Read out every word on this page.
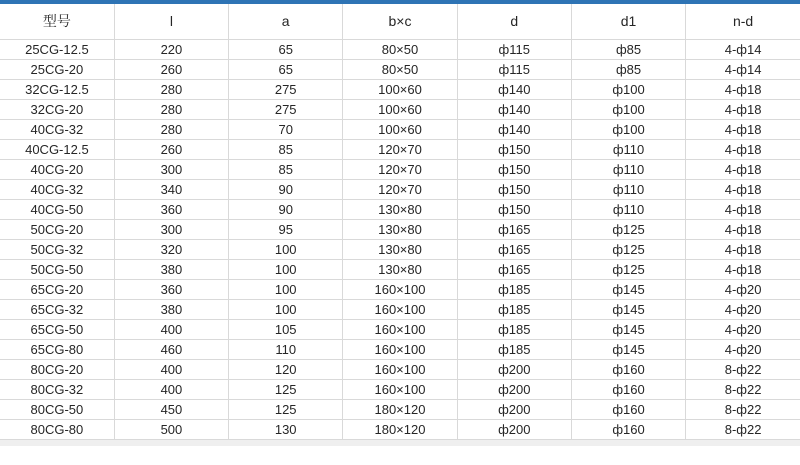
型号	l	a	b×c	d	d1	n-d
25CG-12.5	220	65	80×50	ф115	ф85	4-ф14
25CG-20	260	65	80×50	ф115	ф85	4-ф14
32CG-12.5	280	275	100×60	ф140	ф100	4-ф18
32CG-20	280	275	100×60	ф140	ф100	4-ф18
40CG-32	280	70	100×60	ф140	ф100	4-ф18
40CG-12.5	260	85	120×70	ф150	ф110	4-ф18
40CG-20	300	85	120×70	ф150	ф110	4-ф18
40CG-32	340	90	120×70	ф150	ф110	4-ф18
40CG-50	360	90	130×80	ф150	ф110	4-ф18
50CG-20	300	95	130×80	ф165	ф125	4-ф18
50CG-32	320	100	130×80	ф165	ф125	4-ф18
50CG-50	380	100	130×80	ф165	ф125	4-ф18
65CG-20	360	100	160×100	ф185	ф145	4-ф20
65CG-32	380	100	160×100	ф185	ф145	4-ф20
65CG-50	400	105	160×100	ф185	ф145	4-ф20
65CG-80	460	110	160×100	ф185	ф145	4-ф20
80CG-20	400	120	160×100	ф200	ф160	8-ф22
80CG-32	400	125	160×100	ф200	ф160	8-ф22
80CG-50	450	125	180×120	ф200	ф160	8-ф22
80CG-80	500	130	180×120	ф200	ф160	8-ф22
